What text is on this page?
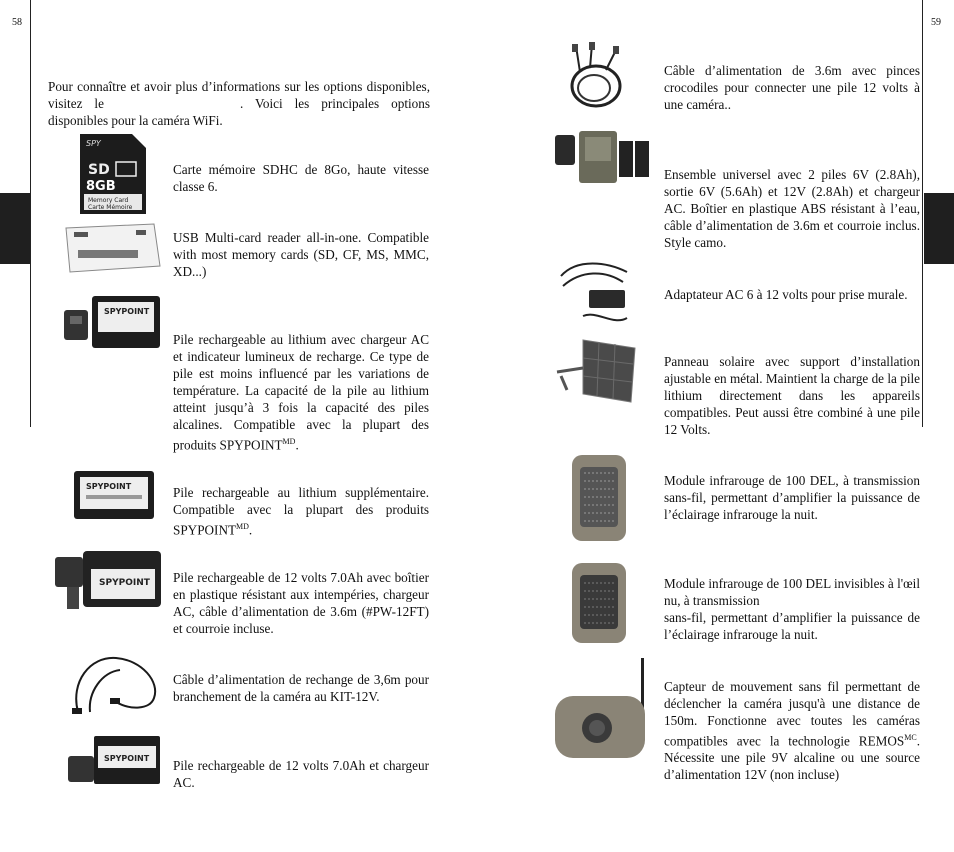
58	59
Pour connaître et avoir plus d’informations sur les options disponibles, visitez le	. Voici les principales options disponibles pour la caméra WiFi.
SPY
SD
8GB
Memory Card
Carte Mémoire
Carte mémoire SDHC de 8Go, haute vitesse classe 6.
USB Multi-card reader all-in-one. Compatible with most memory cards (SD, CF, MS, MMC, XD...)
SPYPOINT
Pile rechargeable au lithium avec chargeur AC et indicateur lumineux de recharge. Ce type de pile est moins influencé par les variations de température. La capacité de la pile au lithium atteint jusqu’à 3 fois la capacité des piles alcalines. Compatible avec la plupart des produits $SPYPOINT^{MD}$.
SPYPOINT	Pile rechargeable au lithium supplémentaire. Compatible avec la plupart des produits $SPYPOINT^{MD}$.
SPYPOINT Pile rechargeable de 12 volts 7.0Ah avec boîtier en plastique résistant aux intempéries, chargeur AC, câble d’alimentation de 3.6m (#PW-12FT) et courroie incluse.
Câble d’alimentation de rechange de 3,6m pour branchement de la caméra au KIT-12V.
SPYPOINT Pile rechargeable de 12 volts 7.0Ah et chargeur AC.
Câble d’alimentation de 3.6m avec pinces crocodiles pour connecter une pile 12 volts à une caméra..
Ensemble universel avec 2 piles 6V (2.8Ah), sortie 6V (5.6Ah) et 12V (2.8Ah) et chargeur AC. Boîtier en plastique ABS résistant à l’eau, câble d’alimentation de 3.6m et courroie inclus. Style camo.
Adaptateur AC 6 à 12 volts pour prise murale.
Panneau solaire avec support d’installation ajustable en métal. Maintient la charge de la pile lithium directement dans les appareils compatibles. Peut aussi être combiné à une pile 12 Volts.
Module infrarouge de 100 DEL, à transmission sans-fil, permettant d’amplifier la puissance de l’éclairage infrarouge la nuit.
Module infrarouge de 100 DEL invisibles à l'œil nu, à transmission
sans-fil, permettant d’amplifier la puissance de l’éclairage infrarouge la nuit.
Capteur de mouvement sans fil permettant de déclencher la caméra jusqu'à une distance de 150m. Fonctionne avec toutes les caméras compatibles avec la technologie $REMOS^{MC}$. Nécessite une pile 9V alcaline ou une source d’alimentation 12V (non incluse)
